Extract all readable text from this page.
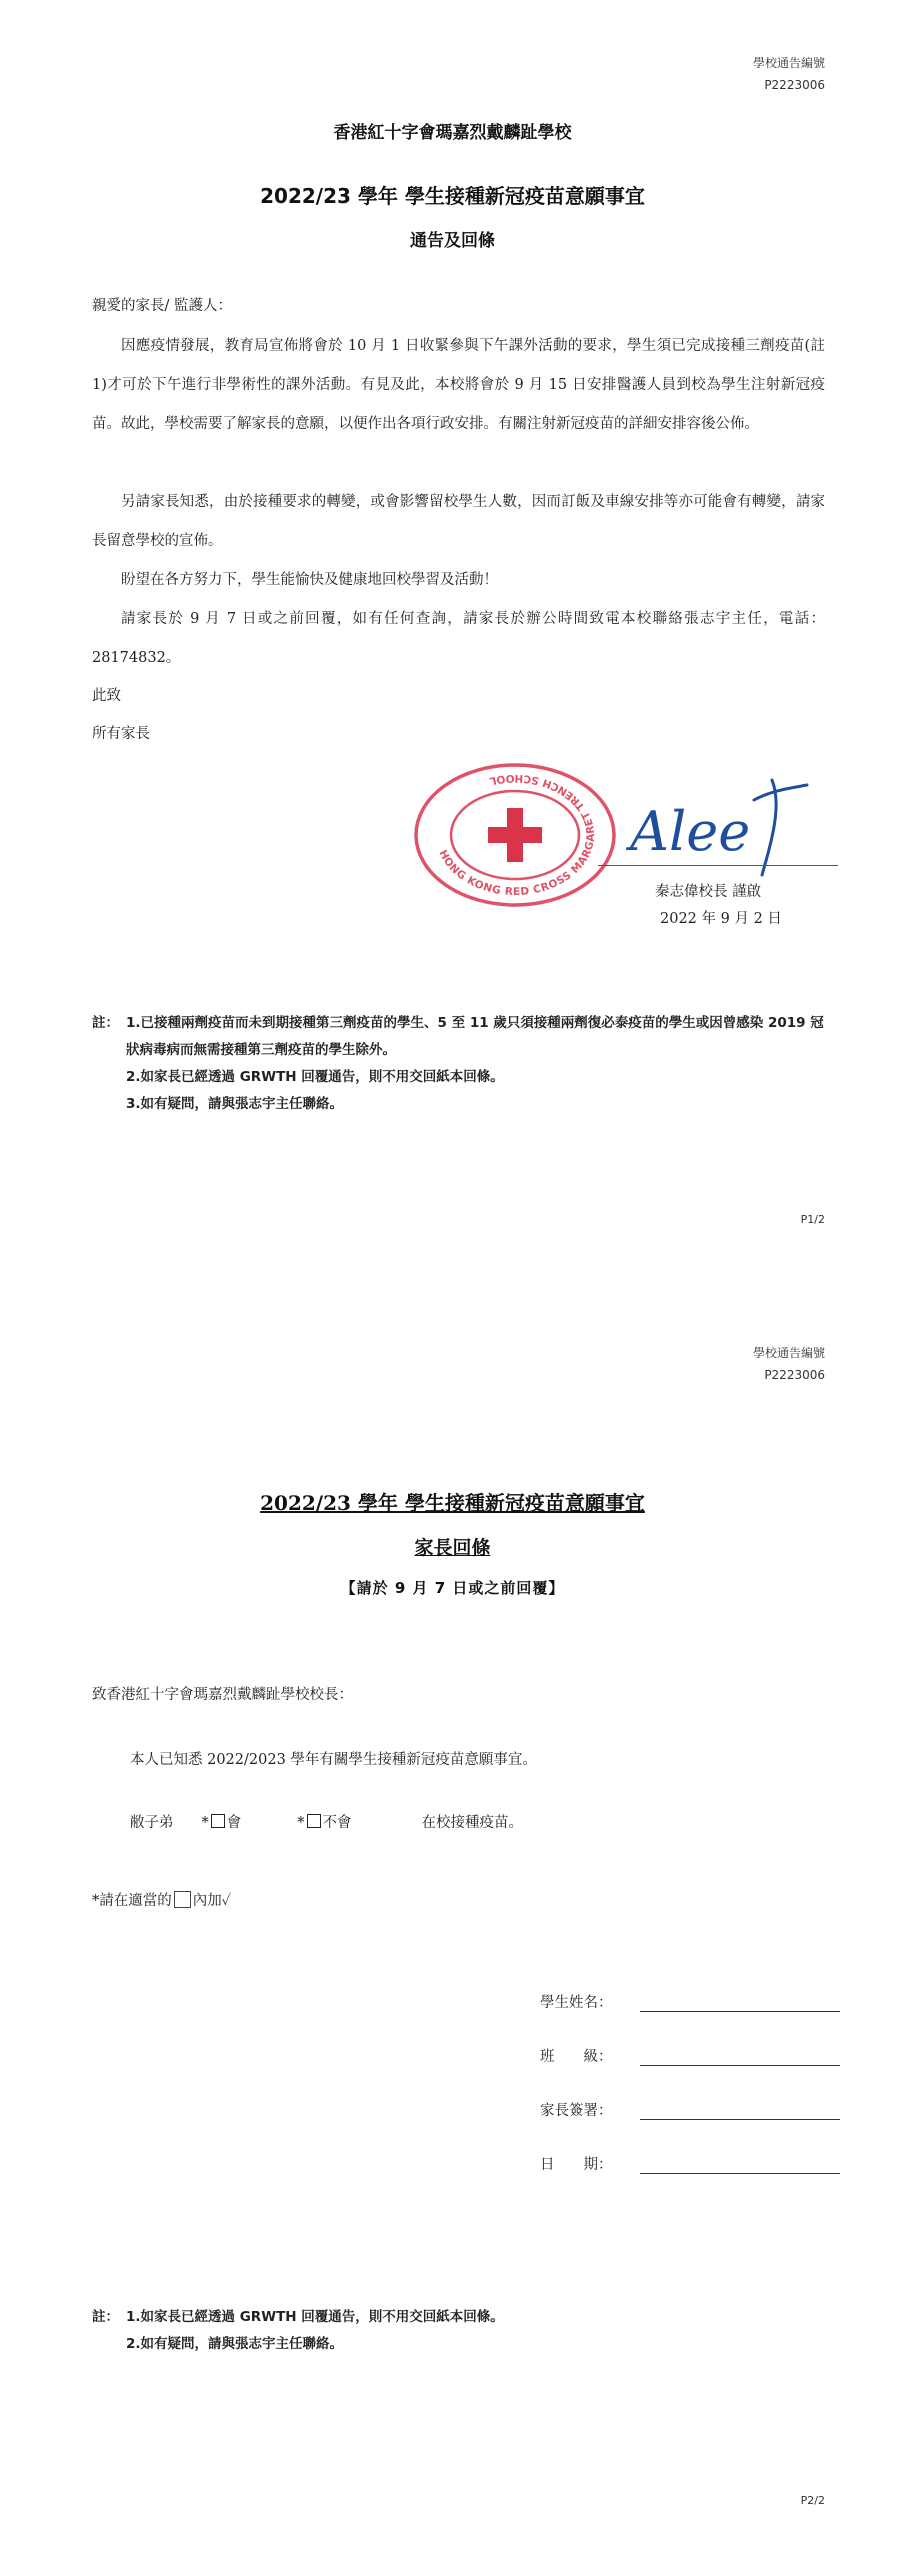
學校通告編號
P2223006
香港紅十字會瑪嘉烈戴麟趾學校
2022/23 學年 學生接種新冠疫苗意願事宜
通告及回條
親愛的家長/ 監護人：
因應疫情發展，教育局宣佈將會於 10 月 1 日收緊參與下午課外活動的要求，學生須已完成接種三劑疫苗(註 1)才可於下午進行非學術性的課外活動。有見及此，本校將會於 9 月 15 日安排醫護人員到校為學生注射新冠疫苗。故此，學校需要了解家長的意願，以便作出各項行政安排。有關注射新冠疫苗的詳細安排容後公佈。
另請家長知悉，由於接種要求的轉變，或會影響留校學生人數，因而訂飯及車線安排等亦可能會有轉變，請家長留意學校的宣佈。
盼望在各方努力下，學生能愉快及健康地回校學習及活動！
請家長於 9 月 7 日或之前回覆，如有任何查詢，請家長於辦公時間致電本校聯絡張志宇主任，電話：28174832。
此致
所有家長
HONG KONG RED CROSS MARGARET TRENCH SCHOOL
Alee
秦志偉校長 謹啟
2022 年 9 月 2 日
註： 1.已接種兩劑疫苗而未到期接種第三劑疫苗的學生、5 至 11 歲只須接種兩劑復必泰疫苗的學生或因曾感染 2019 冠狀病毒病而無需接種第三劑疫苗的學生除外。
2.如家長已經透過 GRWTH 回覆通告，則不用交回紙本回條。
3.如有疑問，請與張志宇主任聯絡。
P1/2
學校通告編號
P2223006
2022/23 學年 學生接種新冠疫苗意願事宜
家長回條
【請於 9 月 7 日或之前回覆】
致香港紅十字會瑪嘉烈戴麟趾學校校長：
本人已知悉 2022/2023 學年有關學生接種新冠疫苗意願事宜。
敝子弟 * 會	* 不會	在校接種疫苗。
*請在適當的 內加✓
學生姓名：
班　　級：
家長簽署：
日　　期：
註： 1.如家長已經透過 GRWTH 回覆通告，則不用交回紙本回條。
2.如有疑問，請與張志宇主任聯絡。
P2/2
